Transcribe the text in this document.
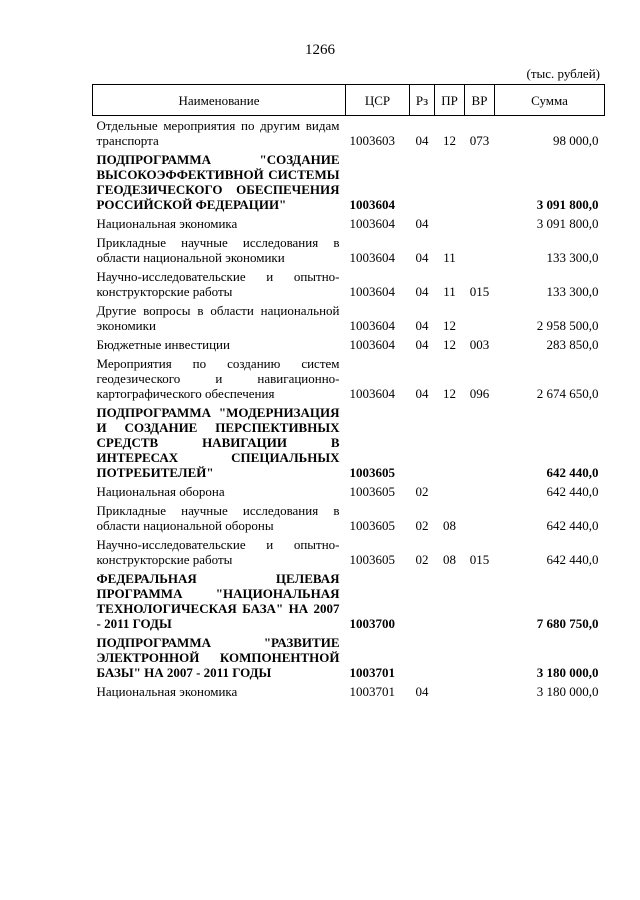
1266
(тыс. рублей)
Наименование	ЦСР	Рз	ПР	ВР	Сумма
Отдельные мероприятия по другим видам транспорта	1003603	04	12	073	98 000,0
ПОДПРОГРАММА "СОЗДАНИЕ ВЫСОКОЭФФЕКТИВНОЙ СИСТЕМЫ ГЕОДЕЗИЧЕСКОГО ОБЕСПЕЧЕНИЯ РОССИЙСКОЙ ФЕДЕРАЦИИ"	1003604				3 091 800,0
Национальная экономика	1003604	04			3 091 800,0
Прикладные научные исследования в области национальной экономики	1003604	04	11		133 300,0
Научно-исследовательские и опытно-конструкторские работы	1003604	04	11	015	133 300,0
Другие вопросы в области национальной экономики	1003604	04	12		2 958 500,0
Бюджетные инвестиции	1003604	04	12	003	283 850,0
Мероприятия по созданию систем геодезического и навигационно-картографического обеспечения	1003604	04	12	096	2 674 650,0
ПОДПРОГРАММА "МОДЕРНИЗАЦИЯ И СОЗДАНИЕ ПЕРСПЕКТИВНЫХ СРЕДСТВ НАВИГАЦИИ В ИНТЕРЕСАХ СПЕЦИАЛЬНЫХ ПОТРЕБИТЕЛЕЙ"	1003605				642 440,0
Национальная оборона	1003605	02			642 440,0
Прикладные научные исследования в области национальной обороны	1003605	02	08		642 440,0
Научно-исследовательские и опытно-конструкторские работы	1003605	02	08	015	642 440,0
ФЕДЕРАЛЬНАЯ ЦЕЛЕВАЯ ПРОГРАММА "НАЦИОНАЛЬНАЯ ТЕХНОЛОГИЧЕСКАЯ БАЗА" НА 2007 - 2011 ГОДЫ	1003700				7 680 750,0
ПОДПРОГРАММА "РАЗВИТИЕ ЭЛЕКТРОННОЙ КОМПОНЕНТНОЙ БАЗЫ" НА 2007 - 2011 ГОДЫ	1003701				3 180 000,0
Национальная экономика	1003701	04			3 180 000,0
